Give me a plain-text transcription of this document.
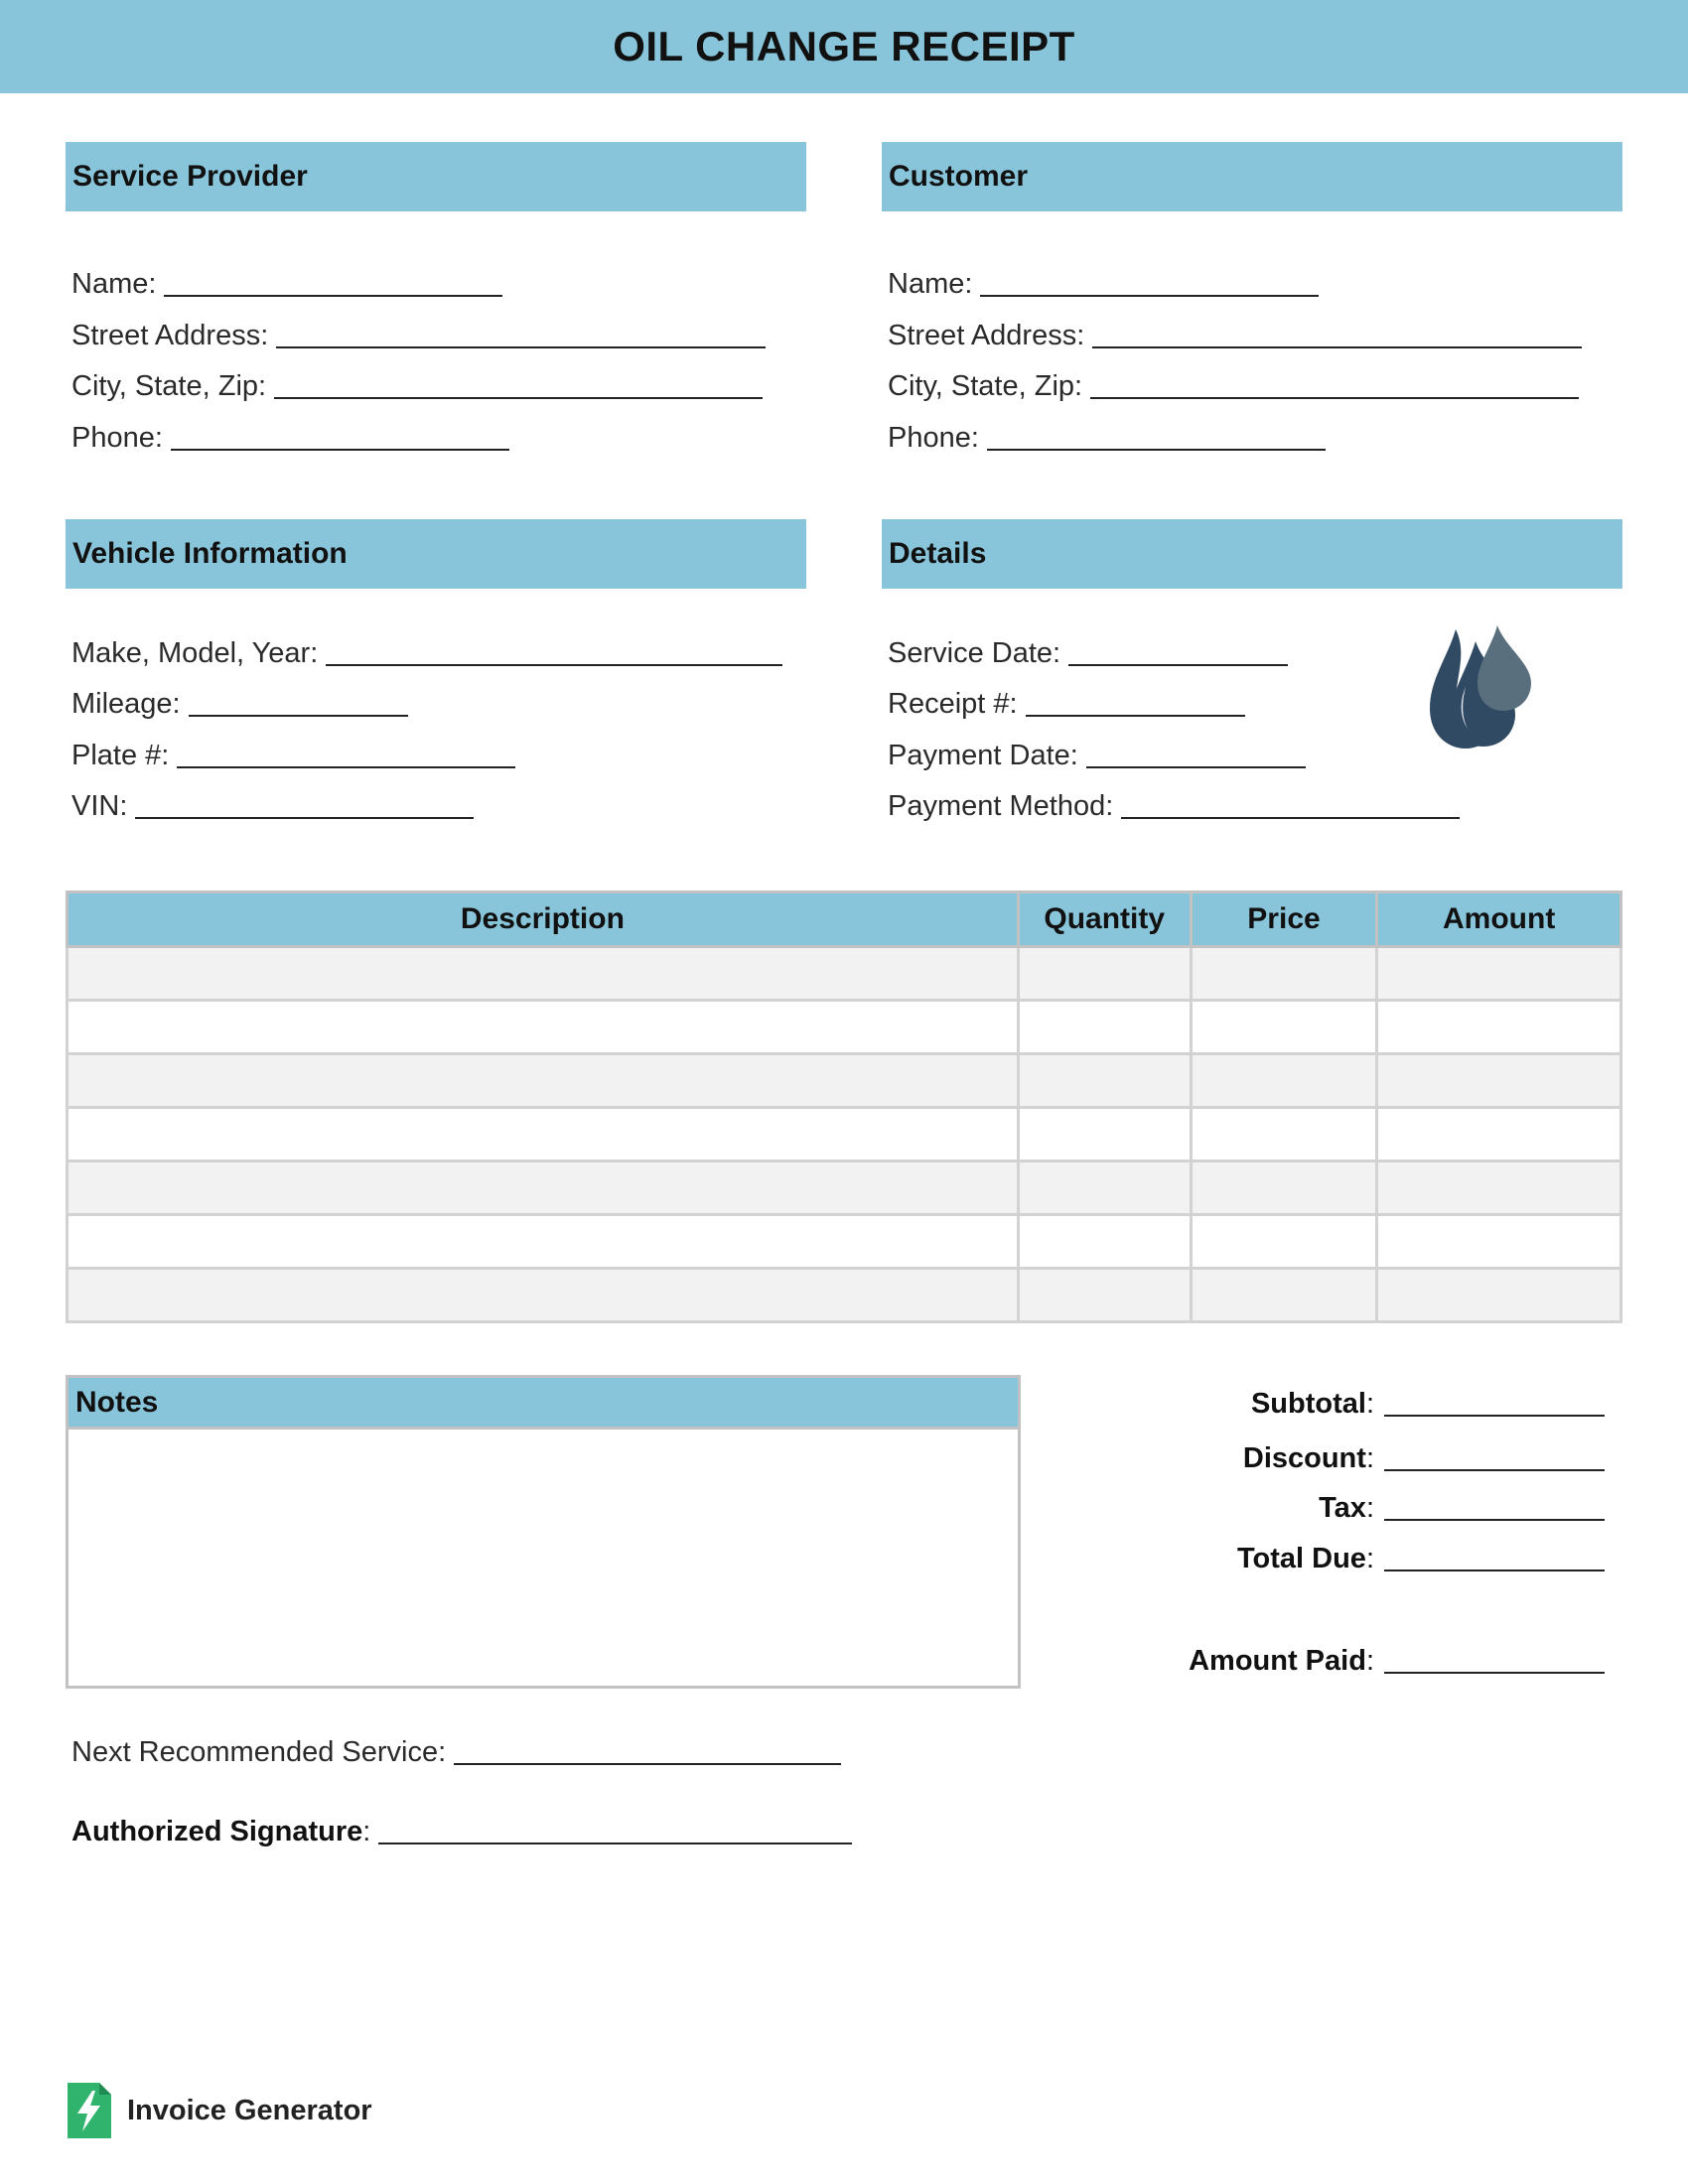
OIL CHANGE RECEIPT
Service Provider
Name:
Street Address:
City, State, Zip:
Phone:
Customer
Name:
Street Address:
City, State, Zip:
Phone:
Vehicle Information
Make, Model, Year:
Mileage:
Plate #:
VIN:
Details
Service Date:
Receipt #:
Payment Date:
Payment Method:
Description	Quantity	Price	Amount

Notes	Subtotal:
Discount:
Tax:
Total Due:
Amount Paid:
Next Recommended Service:
Authorized Signature:
Invoice Generator
